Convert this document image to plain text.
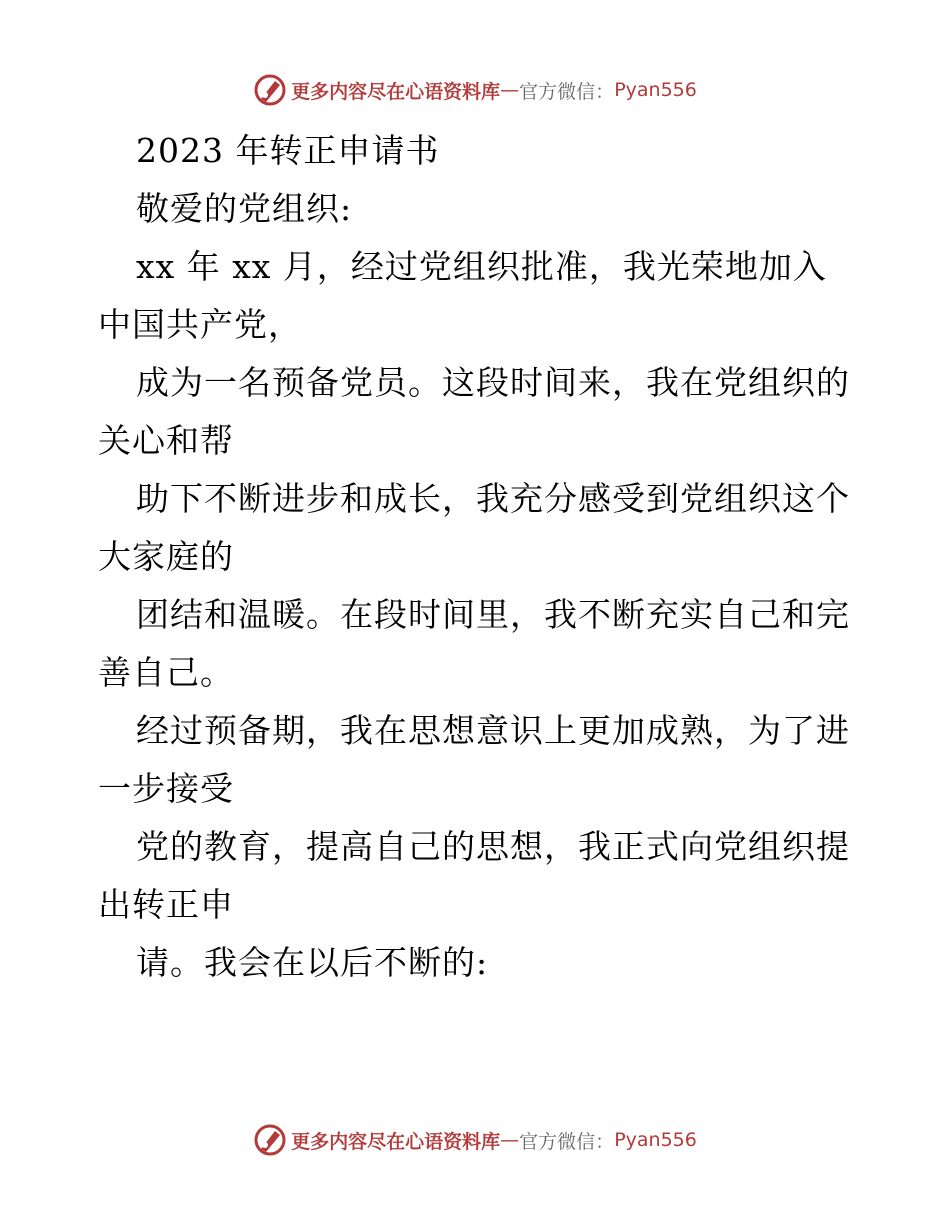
更多内容尽在心语资料库 — 官方微信： Pyan556
2023 年转正申请书
敬爱的党组织:
xx 年 xx 月，经过党组织批准，我光荣地加入
中国共产党，
成为一名预备党员。这段时间来，我在党组织的
关心和帮
助下不断进步和成长，我充分感受到党组织这个
大家庭的
团结和温暖。在段时间里，我不断充实自己和完
善自己。
经过预备期，我在思想意识上更加成熟，为了进
一步接受
党的教育，提高自己的思想，我正式向党组织提
出转正申
请。我会在以后不断的:
更多内容尽在心语资料库 — 官方微信： Pyan556
